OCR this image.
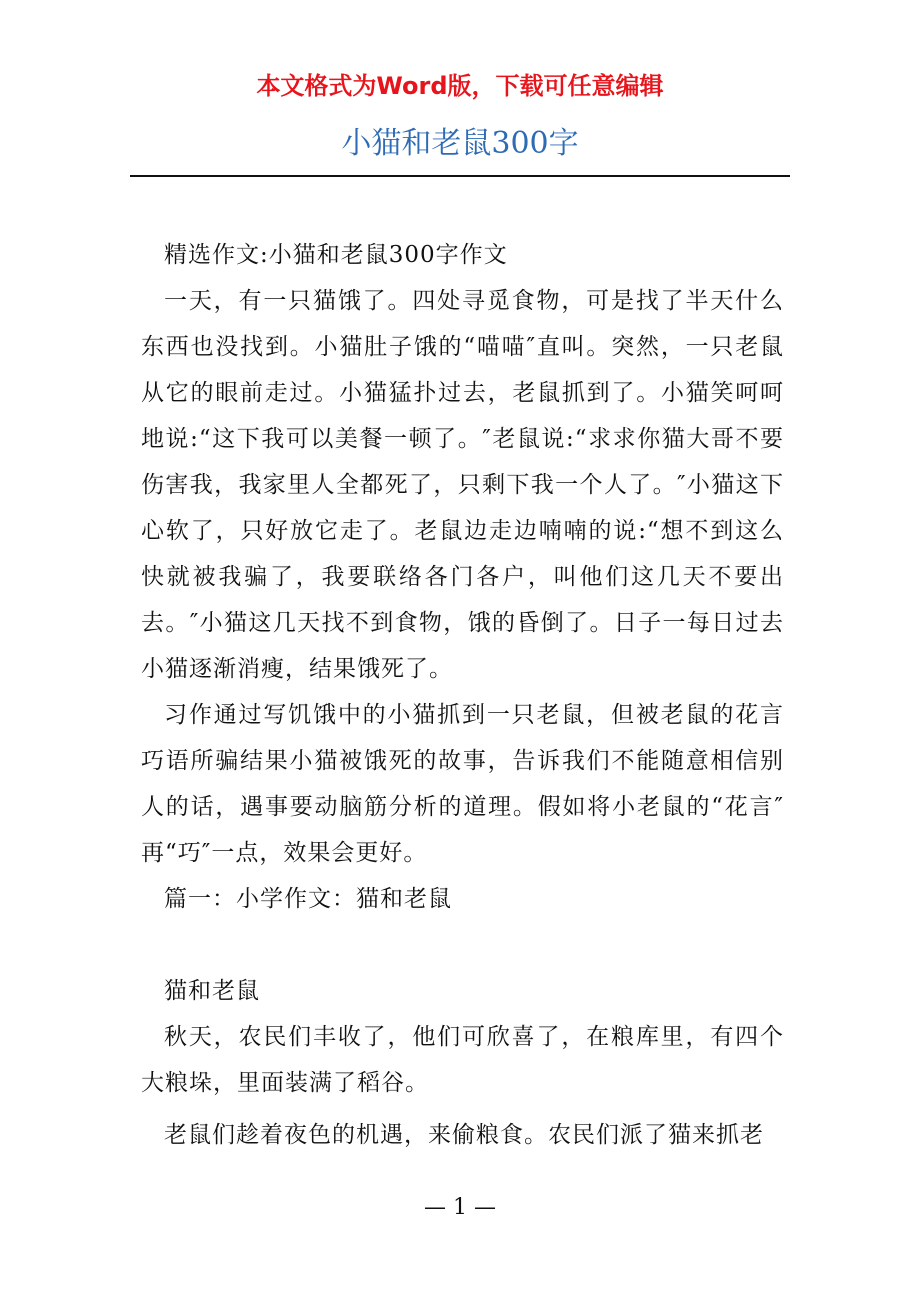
本文格式为Word版，下载可任意编辑
小猫和老鼠300字

精选作文:小猫和老鼠300字作文

一天，有一只猫饿了。四处寻觅食物，可是找了半天什么东西也没找到。小猫肚子饿的“喵喵″直叫。突然，一只老鼠从它的眼前走过。小猫猛扑过去，老鼠抓到了。小猫笑呵呵地说:“这下我可以美餐一顿了。″老鼠说:“求求你猫大哥不要伤害我，我家里人全都死了，只剩下我一个人了。″小猫这下心软了，只好放它走了。老鼠边走边喃喃的说:“想不到这么快就被我骗了，我要联络各门各户，叫他们这几天不要出去。″小猫这几天找不到食物，饿的昏倒了。日子一每日过去小猫逐渐消瘦，结果饿死了。

习作通过写饥饿中的小猫抓到一只老鼠，但被老鼠的花言巧语所骗结果小猫被饿死的故事，告诉我们不能随意相信别人的话，遇事要动脑筋分析的道理。假如将小老鼠的“花言″再“巧″一点，效果会更好。

篇一：小学作文：猫和老鼠

猫和老鼠

秋天，农民们丰收了，他们可欣喜了，在粮库里，有四个大粮垛，里面装满了稻谷。

老鼠们趁着夜色的机遇，来偷粮食。农民们派了猫来抓老

— 1 —
